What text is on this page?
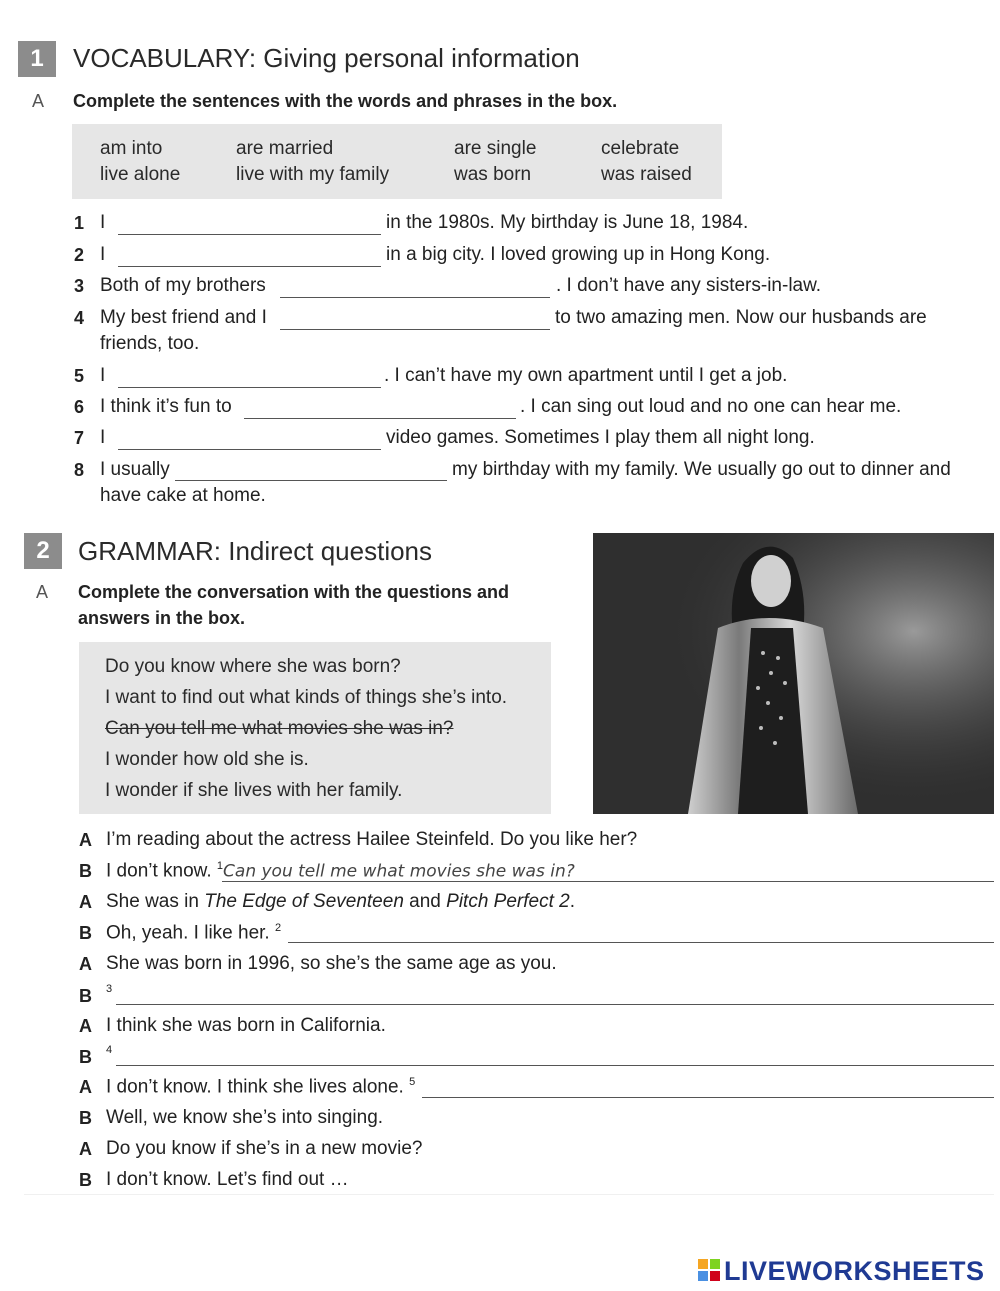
1	VOCABULARY: Giving personal information
A Complete the sentences with the words and phrases in the box.
am into	are married	are single	celebrate
live alone	live with my family	was born	was raised
1 I	in the 1980s. My birthday is June 18, 1984.
2 I	in a big city. I loved growing up in Hong Kong.
3 Both of my brothers	. I don’t have any sisters-in-law.
4 My best friend and I	to two amazing men. Now our husbands are
friends, too.
5 I	. I can’t have my own apartment until I get a job.
6 I think it’s fun to	. I can sing out loud and no one can hear me.
7 I	video games. Sometimes I play them all night long.
8 I usually	my birthday with my family. We usually go out to dinner and
have cake at home.
2	GRAMMAR: Indirect questions
A Complete the conversation with the questions and
answers in the box.
Do you know where she was born?
I want to find out what kinds of things she’s into.
Can you tell me what movies she was in?
I wonder how old she is.
I wonder if she lives with her family.
A I’m reading about the actress Hailee Steinfeld. Do you like her?
B I don’t know. $^1$Can you tell me what movies she was in?
A She was in The Edge of Seventeen and Pitch Perfect 2.
B Oh, yeah. I like her. $^2$
A She was born in 1996, so she’s the same age as you.
B $^3$
A I think she was born in California.
B $^4$
A I don’t know. I think she lives alone. $^5$
B Well, we know she’s into singing.
A Do you know if she’s in a new movie?
B I don’t know. Let’s find out …
LIVEWORKSHEETS
